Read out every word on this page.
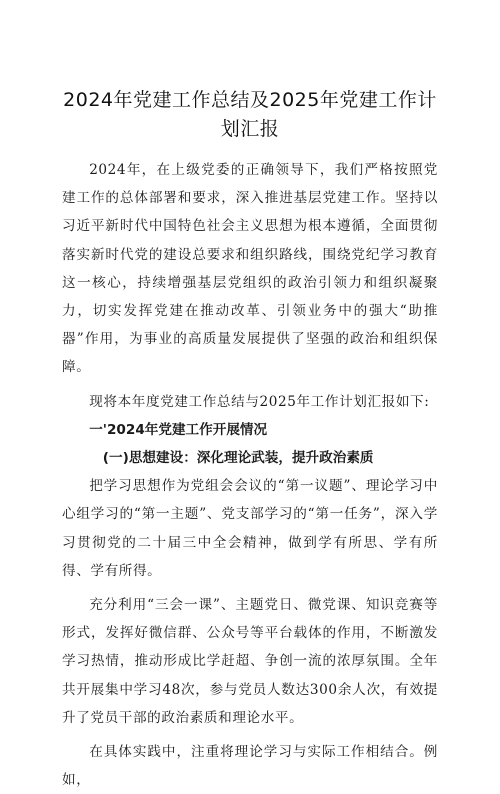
2024年党建工作总结及2025年党建工作计
划汇报

2024年，在上级党委的正确领导下，我们严格按照党建工作的总体部署和要求，深入推进基层党建工作。坚持以习近平新时代中国特色社会主义思想为根本遵循，全面贯彻落实新时代党的建设总要求和组织路线，围绕党纪学习教育这一核心，持续增强基层党组织的政治引领力和组织凝聚力，切实发挥党建在推动改革、引领业务中的强大“助推器”作用，为事业的高质量发展提供了坚强的政治和组织保障。

现将本年度党建工作总结与2025年工作计划汇报如下:

一'2024年党建工作开展情况
(一)思想建设：深化理论武装，提升政治素质

把学习思想作为党组会会议的“第一议题”、理论学习中心组学习的“第一主题”、党支部学习的“第一任务”，深入学习贯彻党的二十届三中全会精神，做到学有所思、学有所得、学有所得。

充分利用“三会一课”、主题党日、微党课、知识竞赛等形式，发挥好微信群、公众号等平台载体的作用，不断激发学习热情，推动形成比学赶超、争创一流的浓厚氛围。全年共开展集中学习48次，参与党员人数达300余人次，有效提升了党员干部的政治素质和理论水平。

在具体实践中，注重将理论学习与实际工作相结合。例如，
